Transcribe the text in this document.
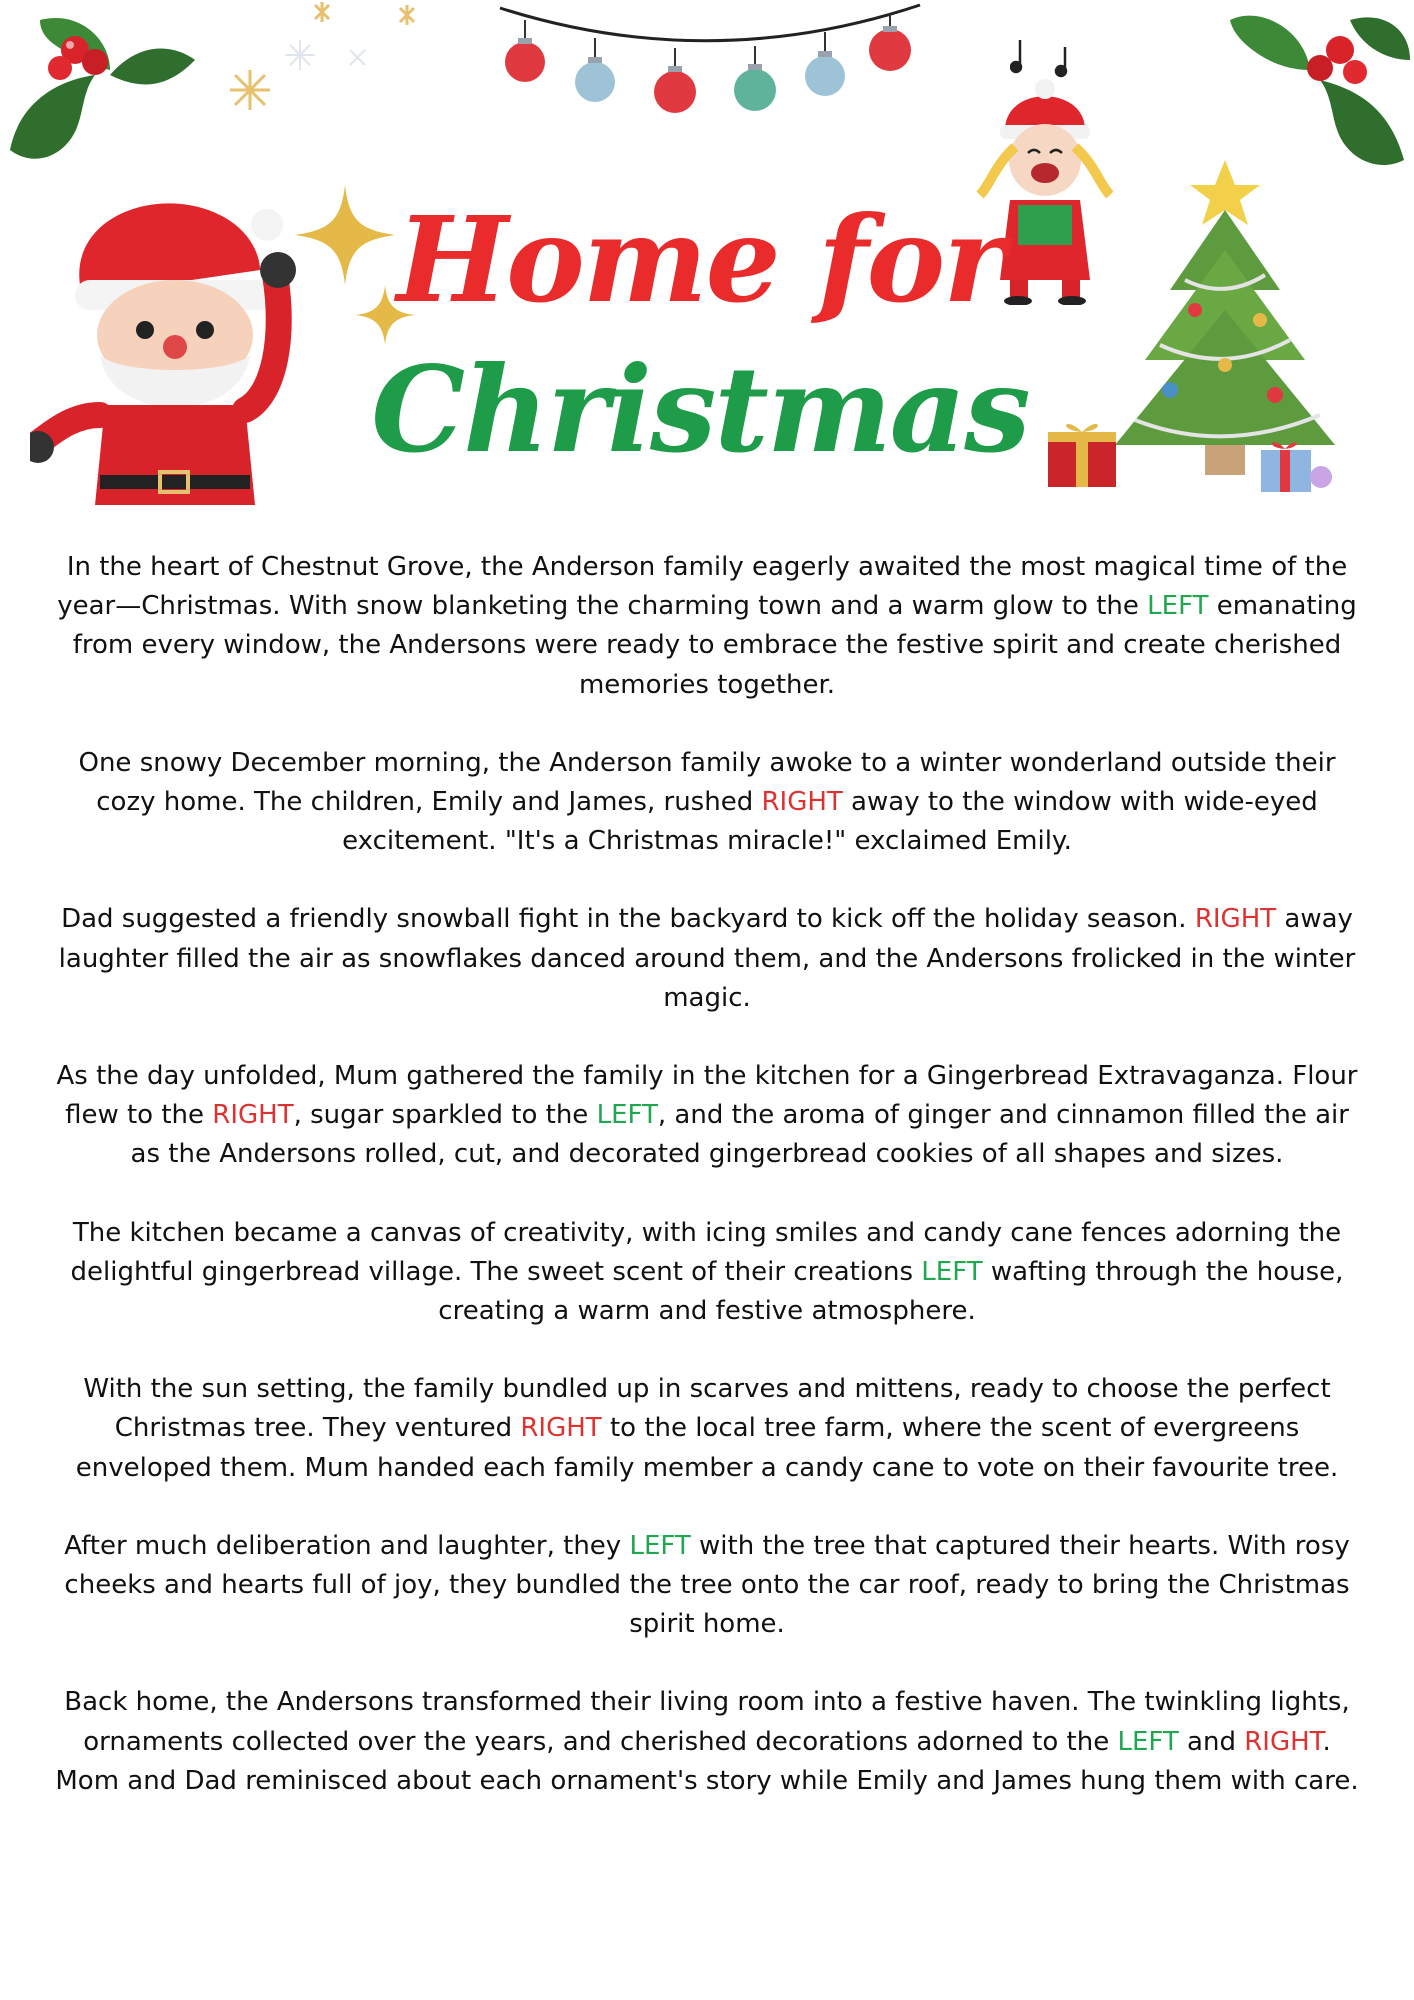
Home for
Christmas

In the heart of Chestnut Grove, the Anderson family eagerly awaited the most magical time of the year—Christmas. With snow blanketing the charming town and a warm glow to the LEFT emanating from every window, the Andersons were ready to embrace the festive spirit and create cherished memories together.

One snowy December morning, the Anderson family awoke to a winter wonderland outside their cozy home. The children, Emily and James, rushed RIGHT away to the window with wide-eyed excitement. "It's a Christmas miracle!" exclaimed Emily.

Dad suggested a friendly snowball fight in the backyard to kick off the holiday season. RIGHT away laughter filled the air as snowflakes danced around them, and the Andersons frolicked in the winter magic.

As the day unfolded, Mum gathered the family in the kitchen for a Gingerbread Extravaganza. Flour flew to the RIGHT, sugar sparkled to the LEFT, and the aroma of ginger and cinnamon filled the air as the Andersons rolled, cut, and decorated gingerbread cookies of all shapes and sizes.

The kitchen became a canvas of creativity, with icing smiles and candy cane fences adorning the delightful gingerbread village. The sweet scent of their creations LEFT wafting through the house, creating a warm and festive atmosphere.

With the sun setting, the family bundled up in scarves and mittens, ready to choose the perfect Christmas tree. They ventured RIGHT to the local tree farm, where the scent of evergreens enveloped them. Mum handed each family member a candy cane to vote on their favourite tree.

After much deliberation and laughter, they LEFT with the tree that captured their hearts. With rosy cheeks and hearts full of joy, they bundled the tree onto the car roof, ready to bring the Christmas spirit home.

Back home, the Andersons transformed their living room into a festive haven. The twinkling lights, ornaments collected over the years, and cherished decorations adorned to the LEFT and RIGHT. Mom and Dad reminisced about each ornament's story while Emily and James hung them with care.
